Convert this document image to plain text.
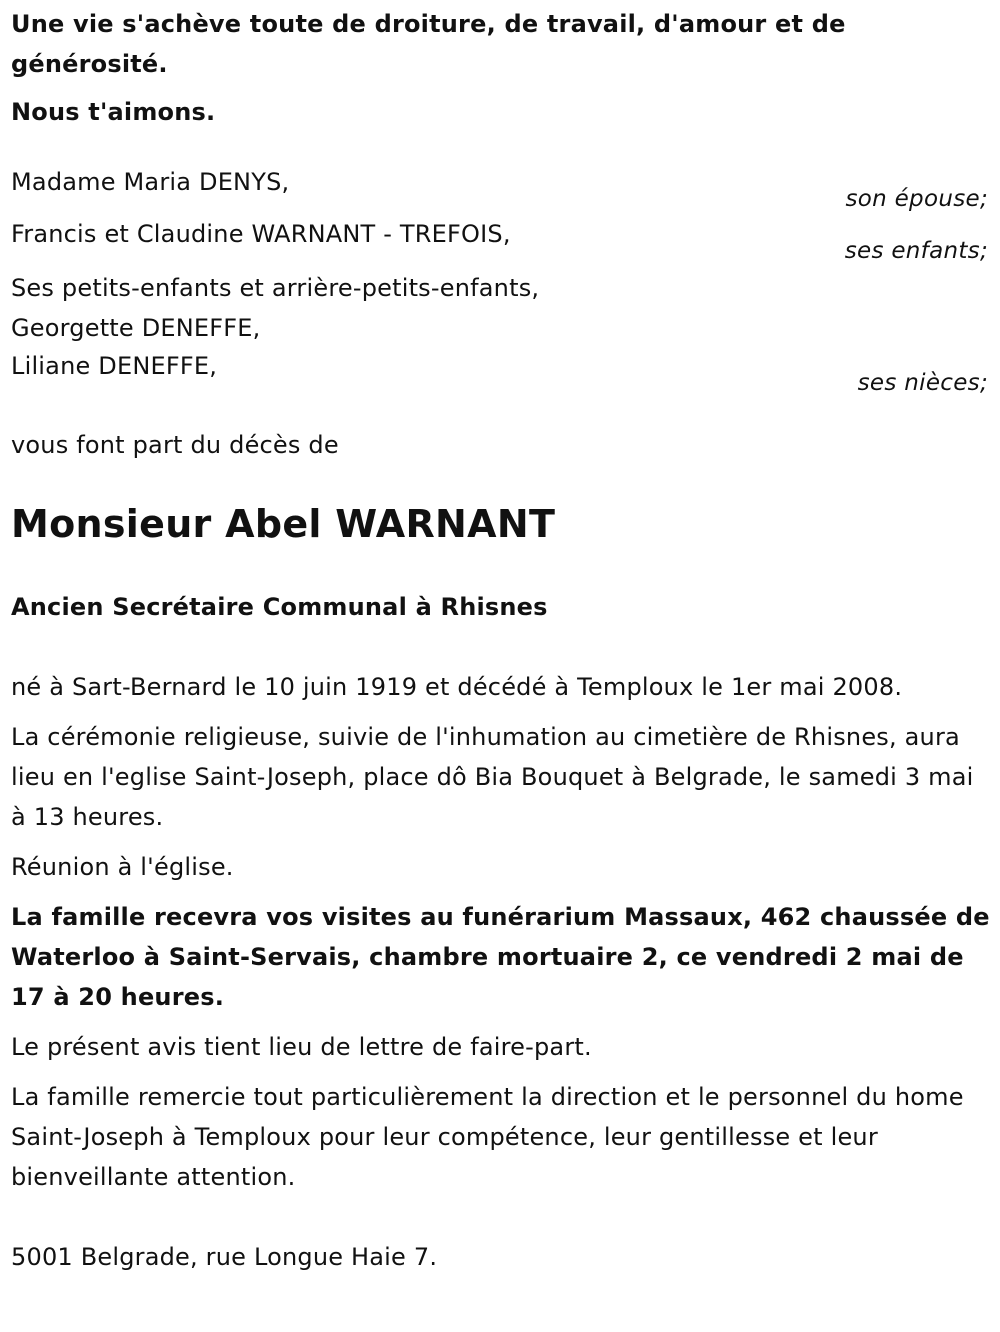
Une vie s'achève toute de droiture, de travail, d'amour et de générosité.

Nous t'aimons.

Madame Maria DENYS,

son épouse;

Francis et Claudine WARNANT - TREFOIS,

ses enfants;

Ses petits-enfants et arrière-petits-enfants,

Georgette DENEFFE,

Liliane DENEFFE,

ses nièces;

vous font part du décès de

Monsieur Abel WARNANT

Ancien Secrétaire Communal à Rhisnes

né à Sart-Bernard le 10 juin 1919 et décédé à Temploux le 1er mai 2008.

La cérémonie religieuse, suivie de l'inhumation au cimetière de Rhisnes, aura lieu en l'eglise Saint-Joseph, place dô Bia Bouquet à Belgrade, le samedi 3 mai à 13 heures.

Réunion à l'église.

La famille recevra vos visites au funérarium Massaux, 462 chaussée de Waterloo à Saint-Servais, chambre mortuaire 2, ce vendredi 2 mai de 17 à 20 heures.

Le présent avis tient lieu de lettre de faire-part.

La famille remercie tout particulièrement la direction et le personnel du home Saint-Joseph à Temploux pour leur compétence, leur gentillesse et leur bienveillante attention.

5001 Belgrade, rue Longue Haie 7.
